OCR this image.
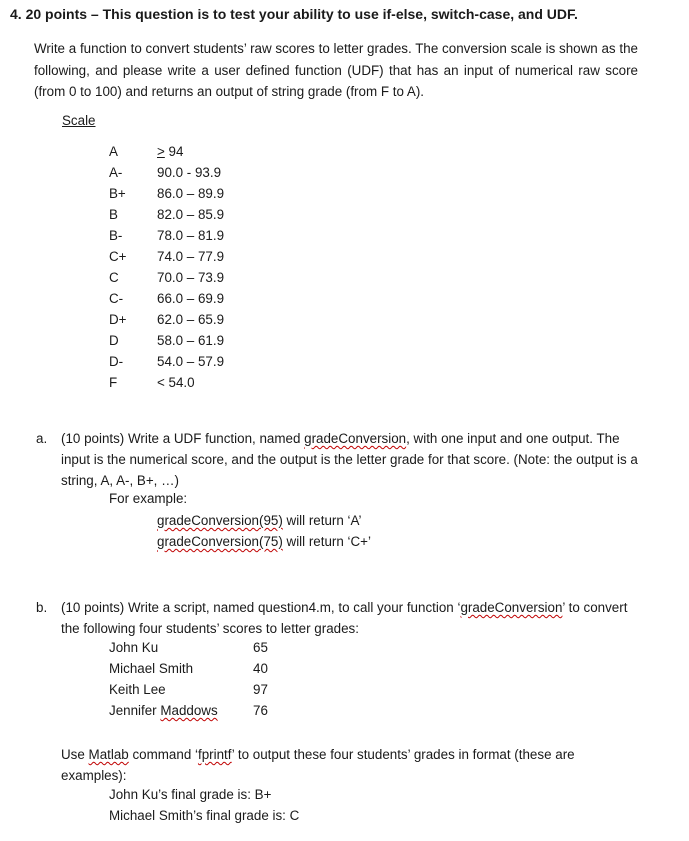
4. 20 points – This question is to test your ability to use if-else, switch-case, and UDF.
Write a function to convert students’ raw scores to letter grades. The conversion scale is shown as the following, and please write a user defined function (UDF) that has an input of numerical raw score (from 0 to 100) and returns an output of string grade (from F to A).
Scale
A	≥ 94
A-	90.0 - 93.9
B+ 86.0 – 89.9
B	82.0 – 85.9
B-	78.0 – 81.9
C+ 74.0 – 77.9
C	70.0 – 73.9
C-	66.0 – 69.9
D+ 62.0 – 65.9
D	58.0 – 61.9
D-	54.0 – 57.9
F	< 54.0
a. (10 points) Write a UDF function, named gradeConversion, with one input and one output. The input is the numerical score, and the output is the letter grade for that score. (Note: the output is a string, A, A-, B+, …)
For example:
gradeConversion(95) will return ‘A’
gradeConversion(75) will return ‘C+’
b. (10 points) Write a script, named question4.m, to call your function ‘gradeConversion’ to convert the following four students’ scores to letter grades:
John Ku	65
Michael Smith	40
Keith Lee	97
Jennifer Maddows	76
Use Matlab command ‘fprintf’ to output these four students’ grades in format (these are examples):
John Ku’s final grade is: B+
Michael Smith’s final grade is: C
